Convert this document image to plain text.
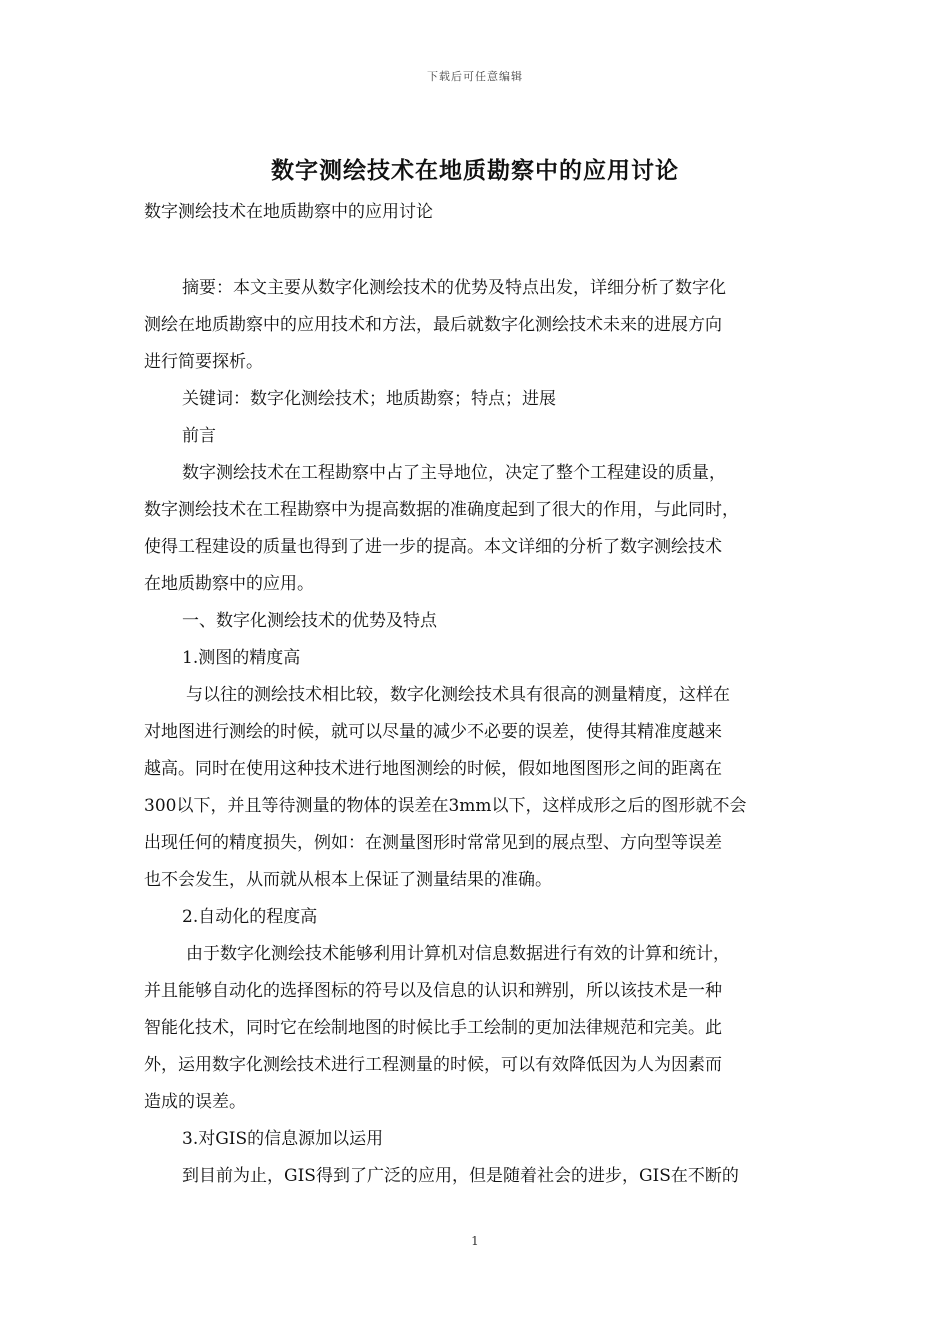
下载后可任意编辑
数字测绘技术在地质勘察中的应用讨论
数字测绘技术在地质勘察中的应用讨论
摘要：本文主要从数字化测绘技术的优势及特点出发，详细分析了数字化
测绘在地质勘察中的应用技术和方法，最后就数字化测绘技术未来的进展方向
进行简要探析。
关键词：数字化测绘技术；地质勘察；特点；进展
前言
数字测绘技术在工程勘察中占了主导地位，决定了整个工程建设的质量，
数字测绘技术在工程勘察中为提高数据的准确度起到了很大的作用，与此同时，
使得工程建设的质量也得到了进一步的提高。本文详细的分析了数字测绘技术
在地质勘察中的应用。
一、数字化测绘技术的优势及特点
1.测图的精度高
与以往的测绘技术相比较，数字化测绘技术具有很高的测量精度，这样在
对地图进行测绘的时候，就可以尽量的减少不必要的误差，使得其精准度越来
越高。同时在使用这种技术进行地图测绘的时候，假如地图图形之间的距离在
300以下，并且等待测量的物体的误差在3mm以下，这样成形之后的图形就不会
出现任何的精度损失，例如：在测量图形时常常见到的展点型、方向型等误差
也不会发生，从而就从根本上保证了测量结果的准确。
2.自动化的程度高
由于数字化测绘技术能够利用计算机对信息数据进行有效的计算和统计，
并且能够自动化的选择图标的符号以及信息的认识和辨别，所以该技术是一种
智能化技术，同时它在绘制地图的时候比手工绘制的更加法律规范和完美。此
外，运用数字化测绘技术进行工程测量的时候，可以有效降低因为人为因素而
造成的误差。
3.对GIS的信息源加以运用
到目前为止，GIS得到了广泛的应用，但是随着社会的进步，GIS在不断的
1
